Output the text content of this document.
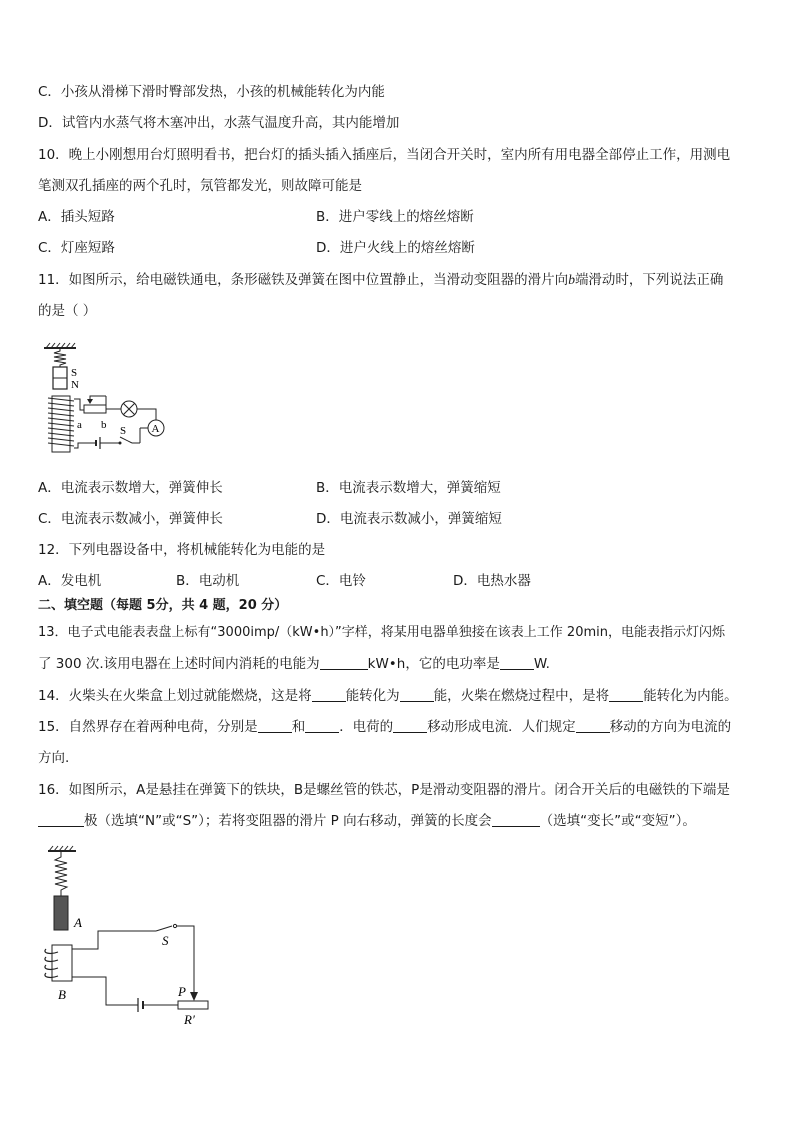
C．小孩从滑梯下滑时臀部发热，小孩的机械能转化为内能
D．试管内水蒸气将木塞冲出，水蒸气温度升高，其内能增加
10．晚上小刚想用台灯照明看书，把台灯的插头插入插座后，当闭合开关时，室内所有用电器全部停止工作，用测电
笔测双孔插座的两个孔时，氖管都发光，则故障可能是
A．插头短路	B．进户零线上的熔丝熔断
C．灯座短路	D．进户火线上的熔丝熔断
11．如图所示，给电磁铁通电，条形磁铁及弹簧在图中位置静止，当滑动变阻器的滑片向b端滑动时，下列说法正确
的是（ ）
S
N
a b	A
S
A．电流表示数增大，弹簧伸长	B．电流表示数增大，弹簧缩短
C．电流表示数减小，弹簧伸长	D．电流表示数减小，弹簧缩短
12．下列电器设备中，将机械能转化为电能的是
A．发电机	B．电动机	C．电铃	D．电热水器
二、填空题（每题 5分，共 4 题，20 分）
13．电子式电能表表盘上标有“3000imp/（kW•h）”字样，将某用电器单独接在该表上工作 20min，电能表指示灯闪烁
了 300 次.该用电器在上述时间内消耗的电能为	kW•h，它的电功率是	W.
14．火柴头在火柴盒上划过就能燃烧，这是将	能转化为	能，火柴在燃烧过程中，是将	能转化为内能。
15．自然界存在着两种电荷，分别是	和	．电荷的	移动形成电流．人们规定	移动的方向为电流的
方向.
16．如图所示，A是悬挂在弹簧下的铁块，B是螺丝管的铁芯，P是滑动变阻器的滑片。闭合开关后的电磁铁的下端是
极（选填“N”或“S”）；若将变阻器的滑片 P 向右移动，弹簧的长度会	（选填“变长”或“变短”）。
A
B
S
P
R′
